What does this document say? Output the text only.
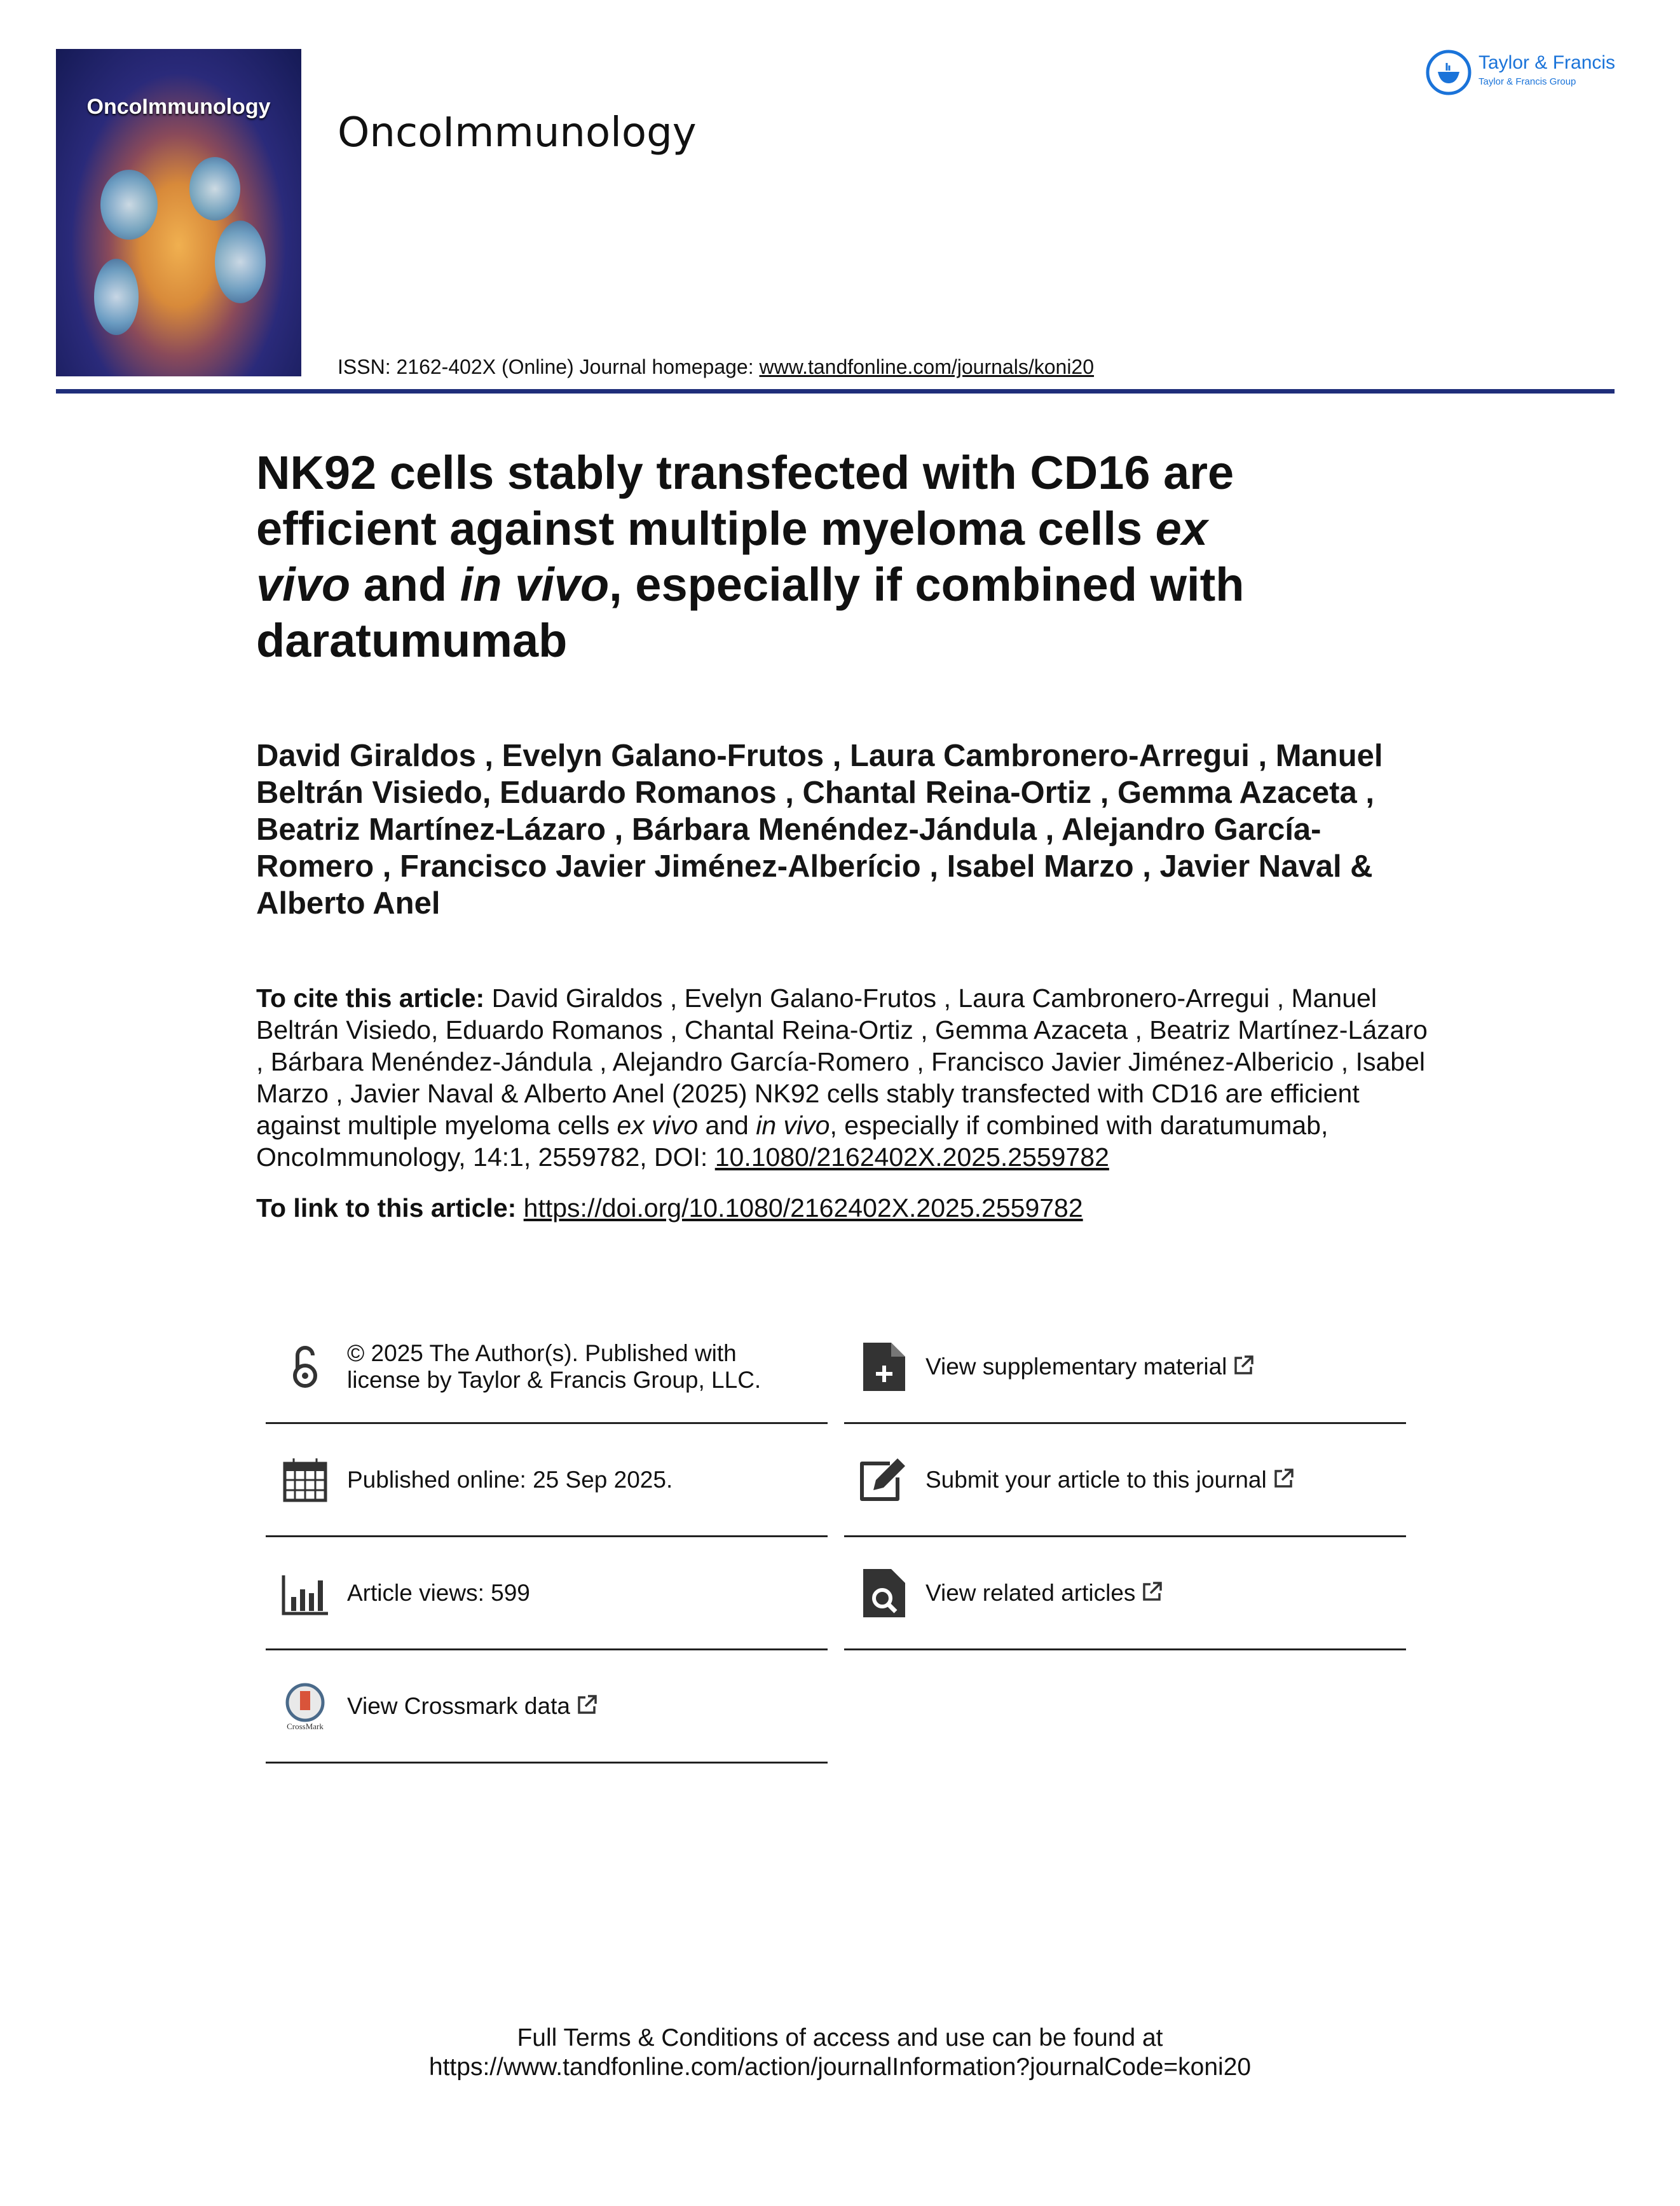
OncoImmunology
OncoImmunology
Taylor & Francis
Taylor & Francis Group
ISSN: 2162-402X (Online) Journal homepage: www.tandfonline.com/journals/koni20
NK92 cells stably transfected with CD16 are efficient against multiple myeloma cells ex vivo and in vivo, especially if combined with daratumumab
David Giraldos , Evelyn Galano-Frutos , Laura Cambronero-Arregui , Manuel Beltrán Visiedo, Eduardo Romanos , Chantal Reina-Ortiz , Gemma Azaceta , Beatriz Martínez-Lázaro , Bárbara Menéndez-Jándula , Alejandro García-Romero , Francisco Javier Jiménez-Alberício , Isabel Marzo , Javier Naval & Alberto Anel
To cite this article: David Giraldos , Evelyn Galano-Frutos , Laura Cambronero-Arregui , Manuel Beltrán Visiedo, Eduardo Romanos , Chantal Reina-Ortiz , Gemma Azaceta , Beatriz Martínez-Lázaro , Bárbara Menéndez-Jándula , Alejandro García-Romero , Francisco Javier Jiménez-Albericio , Isabel Marzo , Javier Naval & Alberto Anel (2025) NK92 cells stably transfected with CD16 are efficient against multiple myeloma cells ex vivo and in vivo, especially if combined with daratumumab, OncoImmunology, 14:1, 2559782, DOI: 10.1080/2162402X.2025.2559782
To link to this article: https://doi.org/10.1080/2162402X.2025.2559782
© 2025 The Author(s). Published with license by Taylor & Francis Group, LLC.
Published online: 25 Sep 2025.
Article views: 599
CrossMark
View Crossmark data
View supplementary material
Submit your article to this journal
View related articles
Full Terms & Conditions of access and use can be found at
https://www.tandfonline.com/action/journalInformation?journalCode=koni20
